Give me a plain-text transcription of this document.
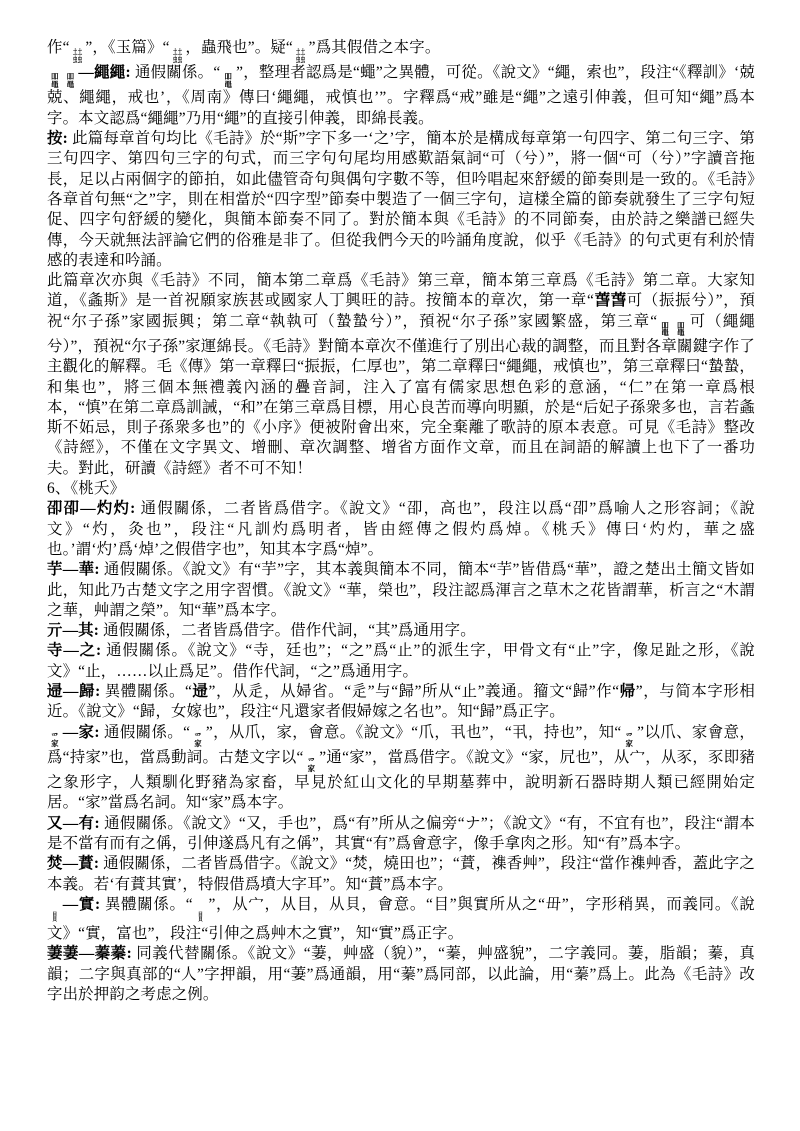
作“ 土土
虫虫
”，《玉篇》“ 土土
虫虫
，蟲飛也”。疑“ 土土
虫虫
”爲其假借之本字。

吅
黽
吅
黽
—繩繩: 通假關係。“ 吅
黽
”，整理者認爲是“蠅”之異體，可從。《說文》“繩，索也”，段注“《釋訓》‘兢兢、繩繩，戒也’，《周南》傳曰‘繩繩，戒慎也’”。字釋爲“戒”雖是“繩”之遠引伸義，但可知“繩”爲本字。本文認爲“繩繩”乃用“繩”的直接引伸義，即綿長義。

按: 此篇每章首句均比《毛詩》於“斯”字下多一‘之’字，簡本於是構成每章第一句四字、第二句三字、第三句四字、第四句三字的句式，而三字句句尾均用感歎語氣詞“可（兮）”，將一個“可（兮）”字讀音拖長，足以占兩個字的節拍，如此儘管奇句與偶句字數不等，但吟唱起來舒緩的節奏則是一致的。《毛詩》各章首句無“之”字，則在相當於“四字型”節奏中製造了一個三字句，這樣全篇的節奏就發生了三字句短促、四字句舒緩的變化，與簡本節奏不同了。對於簡本與《毛詩》的不同節奏，由於詩之樂譜已經失傳，今天就無法評論它們的俗雅是非了。但從我們今天的吟誦角度說，似乎《毛詩》的句式更有利於情感的表達和吟誦。

此篇章次亦與《毛詩》不同，簡本第二章爲《毛詩》第三章，簡本第三章爲《毛詩》第二章。大家知道，《螽斯》是一首祝願家族甚或國家人丁興旺的詩。按簡本的章次，第一章“萅萅可（振振兮）”，預祝“尔子孫”家國振興；第二章“執執可（蟄蟄兮）”，預祝“尔子孫”家國繁盛，第三章“ 吅
黽
吅
黽
可（繩繩兮）”，預祝“尔子孫”家運綿長。《毛詩》對簡本章次不僅進行了別出心裁的調整，而且對各章關鍵字作了主觀化的解釋。毛《傳》第一章釋曰“振振，仁厚也”，第二章釋曰“繩繩，戒慎也”，第三章釋曰“蟄蟄，和集也”，將三個本無禮義內涵的疊音詞，注入了富有儒家思想色彩的意涵，“仁”在第一章爲根本，“慎”在第二章爲訓誡，“和”在第三章爲目標，用心良苦而導向明顯，於是“后妃子孫衆多也，言若螽斯不妬忌，則子孫衆多也”的《小序》便被附會出來，完全棄離了歌詩的原本表意。可見《毛詩》整改《詩經》，不僅在文字異文、增刪、章次調整、增省方面作文章，而且在詞語的解讀上也下了一番功夫。對此，研讀《詩經》者不可不知！

6、《桃夭》

卲卲—灼灼: 通假關係，二者皆爲借字。《說文》“卲，高也”，段注以爲“卲”爲喻人之形容詞；《說文》“灼，灸也”，段注“凡訓灼爲明者，皆由經傳之假灼爲焯。《桃夭》傳曰‘灼灼，華之盛也。’謂‘灼’爲‘焯’之假借字也”，知其本字爲“焯”。

芋—華: 通假關係。《說文》有“芋”字，其本義與簡本不同，簡本“芋”皆借爲“華”，證之楚出土簡文皆如此，知此乃古楚文字之用字習慣。《說文》“華，榮也”，段注認爲渾言之草木之花皆謂華，析言之“木謂之華，艸謂之榮”。知“華”爲本字。

亓—其: 通假關係，二者皆爲借字。借作代詞，“其”爲通用字。

寺—之: 通假關係。《說文》“寺，廷也”；“之”爲“止”的派生字，甲骨文有“止”字，像足趾之形，《說文》“止，……以止爲足”。借作代詞，“之”爲通用字。

䢜—歸: 異體關係。“䢜”，从辵，从婦省。“辵”与“歸”所从“止”義通。籀文“歸”作“帰”，与简本字形相近。《說文》“歸，女嫁也”，段注“凡還家者假婦嫁之名也”。知“歸”爲正字。

爫
家
—家: 通假關係。“ 爫
家
”，从爪，家，會意。《說文》“爪，丮也”，“丮，持也”，知“ 爫
家
”以爪、家會意，爲“持家”也，當爲動詞。古楚文字以“ 爫
家
”通“家”，當爲借字。《說文》“家，凥也”，从宀，从豕，豕即豬之象形字，人類馴化野豬為家畜，早見於紅山文化的早期墓葬中，說明新石器時期人類已經開始定居。“家”當爲名詞。知“家”爲本字。

又—有: 通假關係。《說文》“又，手也”，爲“有”所从之偏旁“ナ”；《說文》“有，不宜有也”，段注“謂本是不當有而有之偁，引伸遂爲凡有之偁”，其實“有”爲會意字，像手拿肉之形。知“有”爲本字。

焚—蕡: 通假關係，二者皆爲借字。《說文》“焚，燒田也”；“蕡，襍香艸”，段注“當作襍艸香，蓋此字之本義。若‘有蕡其實’，特假借爲墳大字耳”。知“蕡”爲本字。

宀
目
貝
—實: 異體關係。“ 宀
目
貝
”，从宀，从目，从貝，會意。“目”與實所从之“毌”，字形稍異，而義同。《說文》“實，富也”，段注“引伸之爲艸木之實”，知“實”爲正字。

萋萋—蓁蓁: 同義代替關係。《說文》“萋，艸盛（貌）”，“蓁，艸盛貌”，二字義同。萋，脂韻；蓁，真韻；二字與真部的“人”字押韻，用“萋”爲通韻，用“蓁”爲同部，以此論，用“蓁”爲上。此為《毛詩》改字出於押韵之考虑之例。
